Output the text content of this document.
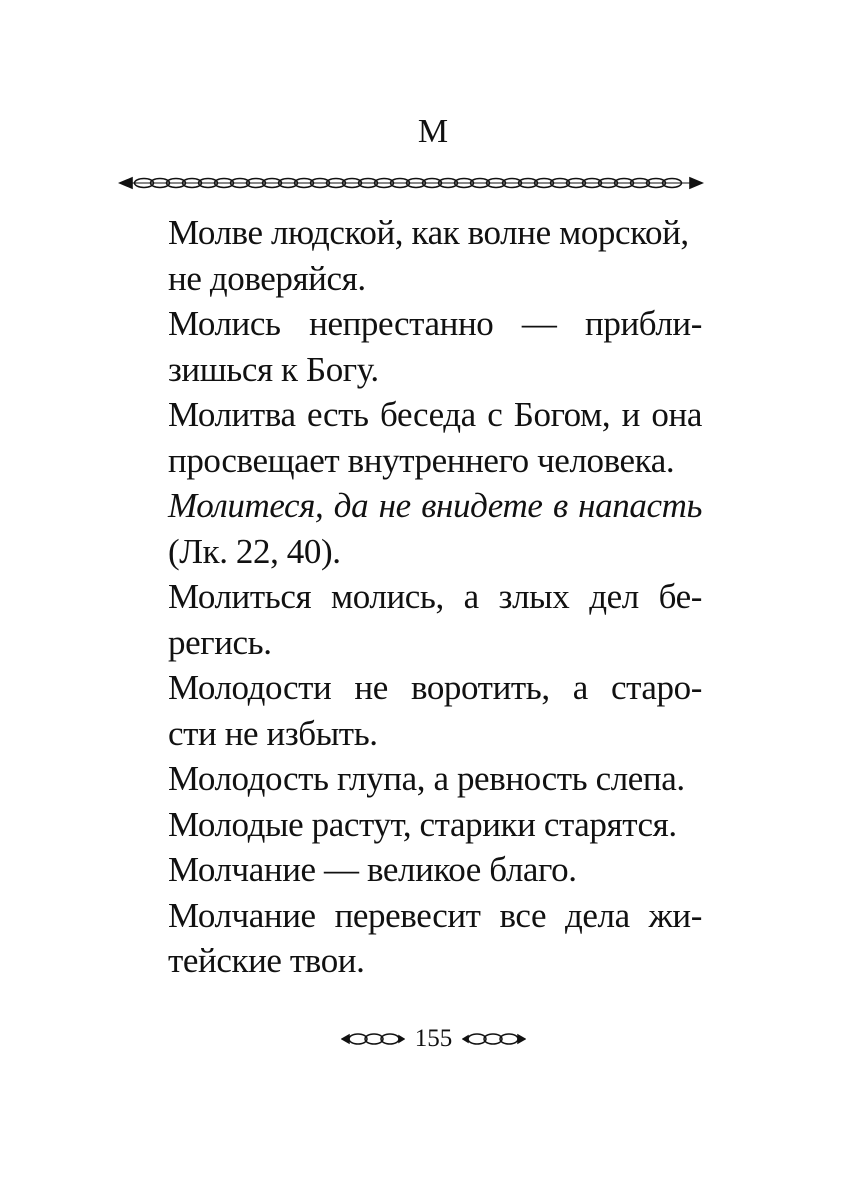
М

Молве людской, как волне морской,
не доверяйся.

Молись непрестанно — прибли-
зишься к Богу.

Молитва есть беседа с Богом, и она
просвещает внутреннего человека.

Молитеся, да не внидете в напасть
(Лк. 22, 40).

Молиться молись, а злых дел бе-
регись.

Молодости не воротить, а старо-
сти не избыть.

Молодость глупа, а ревность слепа.

Молодые растут, старики старятся.

Молчание — великое благо.

Молчание перевесит все дела жи-
тейские твои.

155
